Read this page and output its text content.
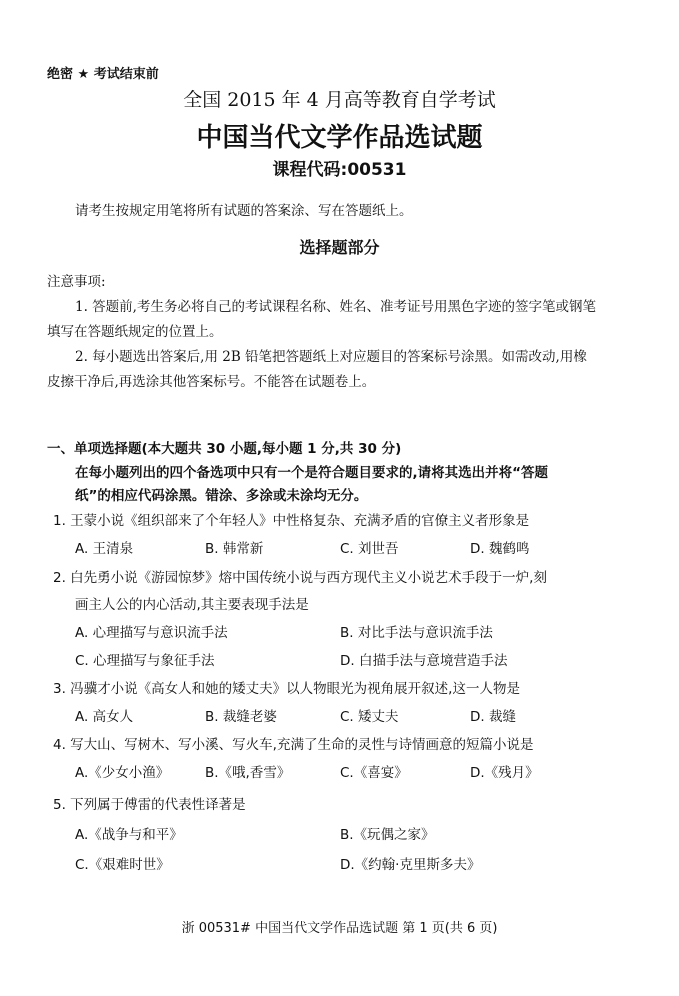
绝密 ★ 考试结束前
全国 2015 年 4 月高等教育自学考试
中国当代文学作品选试题
课程代码:00531
请考生按规定用笔将所有试题的答案涂、写在答题纸上。
选择题部分
注意事项:
1. 答题前,考生务必将自己的考试课程名称、姓名、准考证号用黑色字迹的签字笔或钢笔
填写在答题纸规定的位置上。
2. 每小题选出答案后,用 2B 铅笔把答题纸上对应题目的答案标号涂黑。如需改动,用橡
皮擦干净后,再选涂其他答案标号。不能答在试题卷上。
一、单项选择题(本大题共 30 小题,每小题 1 分,共 30 分)
在每小题列出的四个备选项中只有一个是符合题目要求的,请将其选出并将“答题
纸”的相应代码涂黑。错涂、多涂或未涂均无分。
1. 王蒙小说《组织部来了个年轻人》中性格复杂、充满矛盾的官僚主义者形象是
A. 王清泉	B. 韩常新	C. 刘世吾	D. 魏鹤鸣
2. 白先勇小说《游园惊梦》熔中国传统小说与西方现代主义小说艺术手段于一炉,刻
画主人公的内心活动,其主要表现手法是
A. 心理描写与意识流手法	B. 对比手法与意识流手法
C. 心理描写与象征手法	D. 白描手法与意境营造手法
3. 冯骥才小说《高女人和她的矮丈夫》以人物眼光为视角展开叙述,这一人物是
A. 高女人	B. 裁缝老婆	C. 矮丈夫	D. 裁缝
4. 写大山、写树木、写小溪、写火车,充满了生命的灵性与诗情画意的短篇小说是
A.《少女小渔》	B.《哦,香雪》	C.《喜宴》	D.《残月》
5. 下列属于傅雷的代表性译著是
A.《战争与和平》	B.《玩偶之家》
C.《艰难时世》	D.《约翰·克里斯多夫》
浙 00531# 中国当代文学作品选试题 第 1 页(共 6 页)
